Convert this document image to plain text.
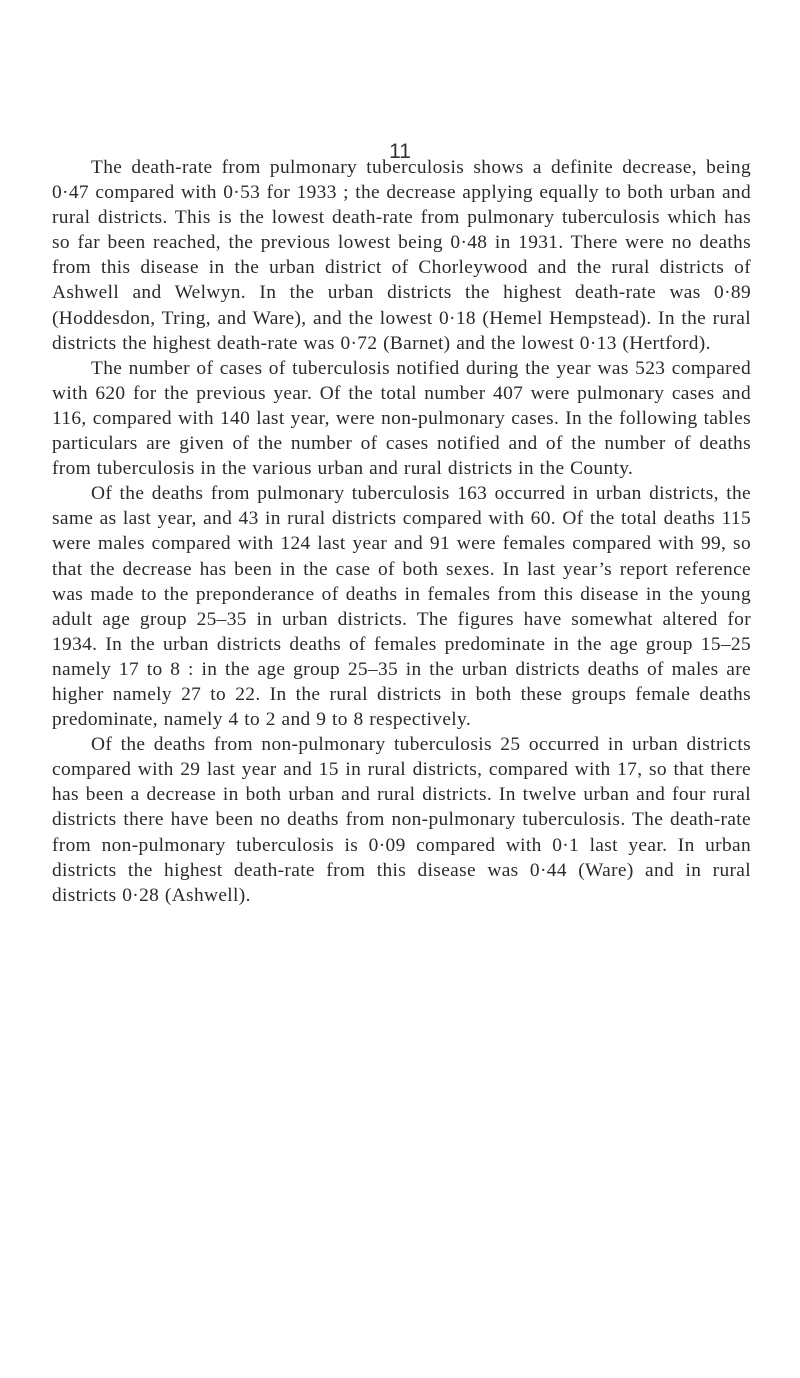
11

The death-rate from pulmonary tuberculosis shows a definite decrease, being 0·47 compared with 0·53 for 1933 ; the decrease applying equally to both urban and rural districts. This is the lowest death-rate from pulmonary tuberculosis which has so far been reached, the previous lowest being 0·48 in 1931. There were no deaths from this disease in the urban district of Chorleywood and the rural districts of Ashwell and Welwyn. In the urban districts the highest death-rate was 0·89 (Hoddesdon, Tring, and Ware), and the lowest 0·18 (Hemel Hempstead). In the rural districts the highest death-rate was 0·72 (Barnet) and the lowest 0·13 (Hertford).

The number of cases of tuberculosis notified during the year was 523 compared with 620 for the previous year. Of the total number 407 were pulmonary cases and 116, compared with 140 last year, were non-pulmonary cases. In the following tables particulars are given of the number of cases notified and of the number of deaths from tuberculosis in the various urban and rural districts in the County.

Of the deaths from pulmonary tuberculosis 163 occurred in urban districts, the same as last year, and 43 in rural districts compared with 60. Of the total deaths 115 were males compared with 124 last year and 91 were females compared with 99, so that the decrease has been in the case of both sexes. In last year’s report reference was made to the preponderance of deaths in females from this disease in the young adult age group 25–35 in urban districts. The figures have somewhat altered for 1934. In the urban districts deaths of females predominate in the age group 15–25 namely 17 to 8 : in the age group 25–35 in the urban districts deaths of males are higher namely 27 to 22. In the rural districts in both these groups female deaths predominate, namely 4 to 2 and 9 to 8 respectively.

Of the deaths from non-pulmonary tuberculosis 25 occurred in urban districts compared with 29 last year and 15 in rural districts, compared with 17, so that there has been a decrease in both urban and rural districts. In twelve urban and four rural districts there have been no deaths from non-pulmonary tuberculosis. The death-rate from non-pulmonary tuberculosis is 0·09 compared with 0·1 last year. In urban districts the highest death-rate from this disease was 0·44 (Ware) and in rural districts 0·28 (Ashwell).
